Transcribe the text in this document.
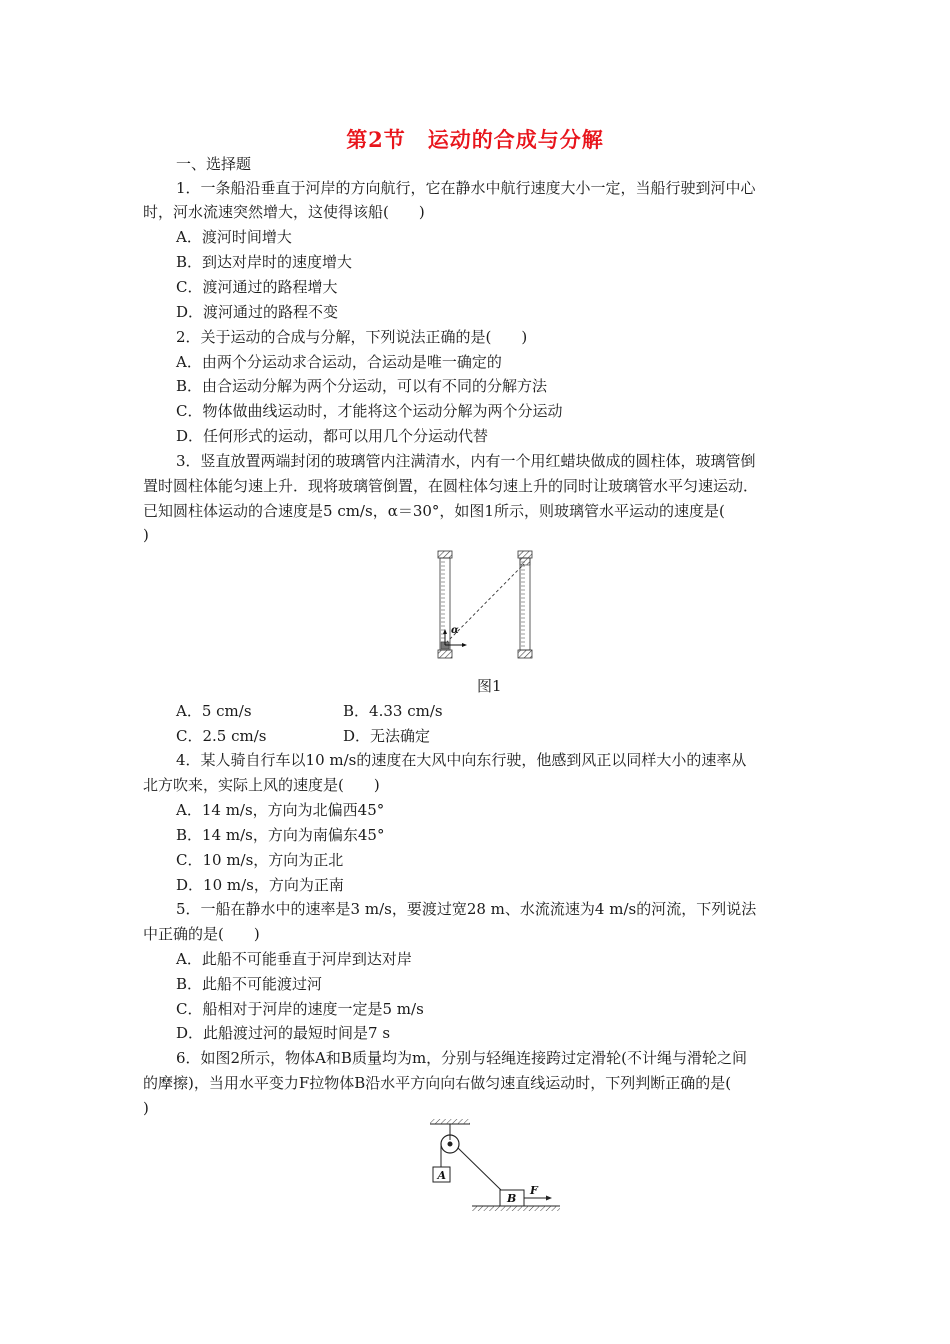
第2节　运动的合成与分解
一、选择题
1．一条船沿垂直于河岸的方向航行，它在静水中航行速度大小一定，当船行驶到河中心
时，河水流速突然增大，这使得该船(　　)
A．渡河时间增大
B．到达对岸时的速度增大
C．渡河通过的路程增大
D．渡河通过的路程不变
2．关于运动的合成与分解，下列说法正确的是(　　)
A．由两个分运动求合运动，合运动是唯一确定的
B．由合运动分解为两个分运动，可以有不同的分解方法
C．物体做曲线运动时，才能将这个运动分解为两个分运动
D．任何形式的运动，都可以用几个分运动代替
3．竖直放置两端封闭的玻璃管内注满清水，内有一个用红蜡块做成的圆柱体，玻璃管倒
置时圆柱体能匀速上升．现将玻璃管倒置，在圆柱体匀速上升的同时让玻璃管水平匀速运动．
已知圆柱体运动的合速度是5 cm/s，α＝30°，如图1所示，则玻璃管水平运动的速度是(
)
α
图1
A．5 cm/s	B．4.33 cm/s
C．2.5 cm/s	D．无法确定
4．某人骑自行车以10 m/s的速度在大风中向东行驶，他感到风正以同样大小的速率从
北方吹来，实际上风的速度是(　　)
A．14 m/s，方向为北偏西45°
B．14 m/s，方向为南偏东45°
C．10 m/s，方向为正北
D．10 m/s，方向为正南
5．一船在静水中的速率是3 m/s，要渡过宽28 m、水流流速为4 m/s的河流，下列说法
中正确的是(　　)
A．此船不可能垂直于河岸到达对岸
B．此船不可能渡过河
C．船相对于河岸的速度一定是5 m/s
D．此船渡过河的最短时间是7 s
6．如图2所示，物体A和B质量均为m，分别与轻绳连接跨过定滑轮(不计绳与滑轮之间
的摩擦)，当用水平变力F拉物体B沿水平方向向右做匀速直线运动时，下列判断正确的是(
)
A
B
F
